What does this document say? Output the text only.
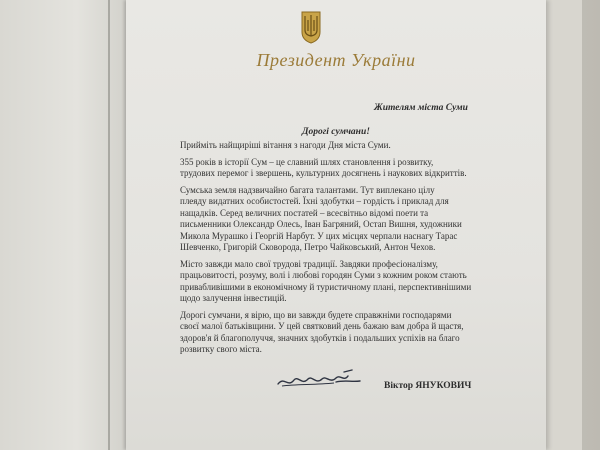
Президент України
Жителям міста Суми
Дорогі сумчани!

Прийміть найщиріші вітання з нагоди Дня міста Суми.

355 років в історії Сум – це славний шлях становлення і розвитку,
трудових перемог і звершень, культурних досягнень і наукових відкриттів.

Сумська земля надзвичайно багата талантами. Тут виплекано цілу
плеяду видатних особистостей. Їхні здобутки – гордість і приклад для
нащадків. Серед величних постатей – всесвітньо відомі поети та
письменники Олександр Олесь, Іван Багряний, Остап Вишня, художники
Микола Мурашко і Георгій Нарбут. У цих місцях черпали наснагу Тарас
Шевченко, Григорій Сковорода, Петро Чайковський, Антон Чехов.

Місто завжди мало свої трудові традиції. Завдяки професіоналізму,
працьовитості, розуму, волі і любові городян Суми з кожним роком стають
привабливішими в економічному й туристичному плані, перспективнішими
щодо залучення інвестицій.

Дорогі сумчани, я вірю, що ви завжди будете справжніми господарями
своєї малої батьківщини. У цей святковий день бажаю вам добра й щастя,
здоров'я й благополуччя, значних здобутків і подальших успіхів на благо
розвитку свого міста.

Віктор ЯНУКОВИЧ
